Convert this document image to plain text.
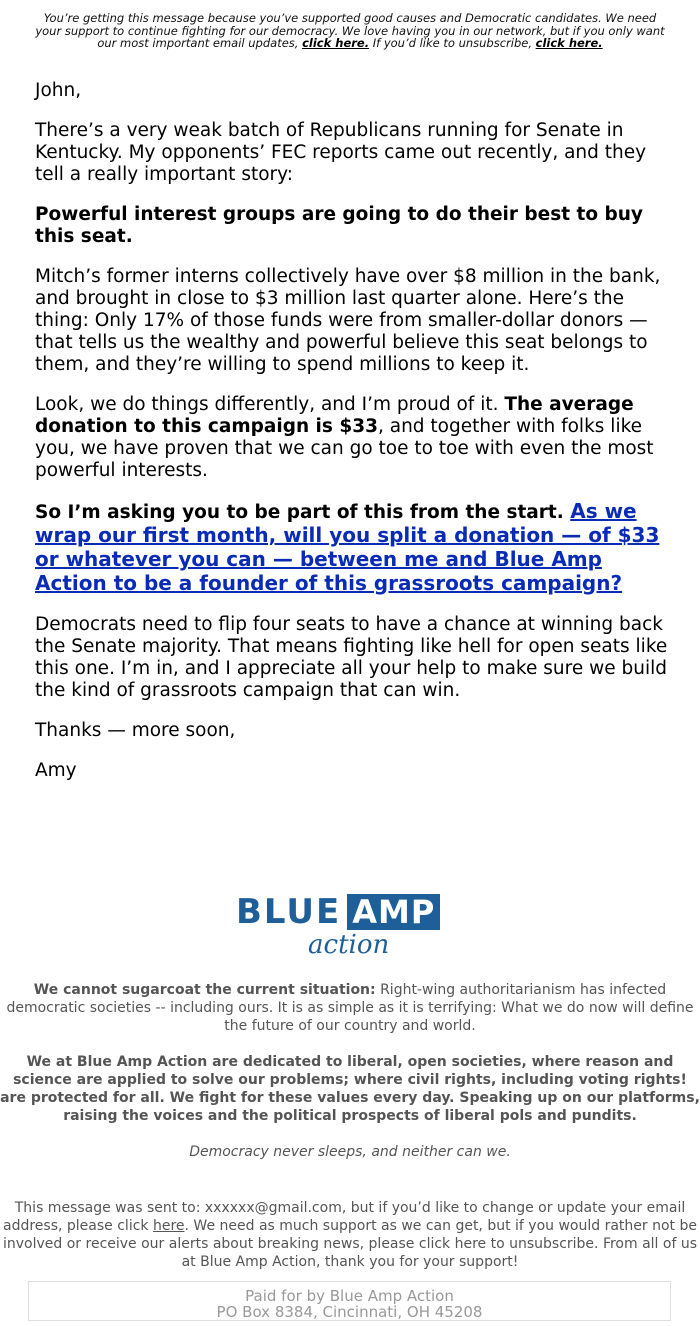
You’re getting this message because you’ve supported good causes and Democratic candidates. We need your support to continue fighting for our democracy. We love having you in our network, but if you only want our most important email updates, click here. If you’d like to unsubscribe, click here.

John,

There’s a very weak batch of Republicans running for Senate in Kentucky. My opponents’ FEC reports came out recently, and they tell a really important story:

Powerful interest groups are going to do their best to buy this seat.

Mitch’s former interns collectively have over $8 million in the bank, and brought in close to $3 million last quarter alone. Here’s the thing: Only 17% of those funds were from smaller-dollar donors — that tells us the wealthy and powerful believe this seat belongs to them, and they’re willing to spend millions to keep it.

Look, we do things differently, and I’m proud of it. The average donation to this campaign is $33, and together with folks like you, we have proven that we can go toe to toe with even the most powerful interests.

So I’m asking you to be part of this from the start. As we wrap our first month, will you split a donation — of $33 or whatever you can — between me and Blue Amp Action to be a founder of this grassroots campaign?

Democrats need to flip four seats to have a chance at winning back the Senate majority. That means fighting like hell for open seats like this one. I’m in, and I appreciate all your help to make sure we build the kind of grassroots campaign that can win.

Thanks — more soon,

Amy

BLUE AMP
action
We cannot sugarcoat the current situation: Right-wing authoritarianism has infected democratic societies -- including ours. It is as simple as it is terrifying: What we do now will define the future of our country and world.
We at Blue Amp Action are dedicated to liberal, open societies, where reason and science are applied to solve our problems; where civil rights, including voting rights! are protected for all. We fight for these values every day. Speaking up on our platforms, raising the voices and the political prospects of liberal pols and pundits.
Democracy never sleeps, and neither can we.
This message was sent to: xxxxxx@gmail.com, but if you’d like to change or update your email address, please click here. We need as much support as we can get, but if you would rather not be involved or receive our alerts about breaking news, please click here to unsubscribe. From all of us at Blue Amp Action, thank you for your support!
Paid for by Blue Amp Action
PO Box 8384, Cincinnati, OH 45208
